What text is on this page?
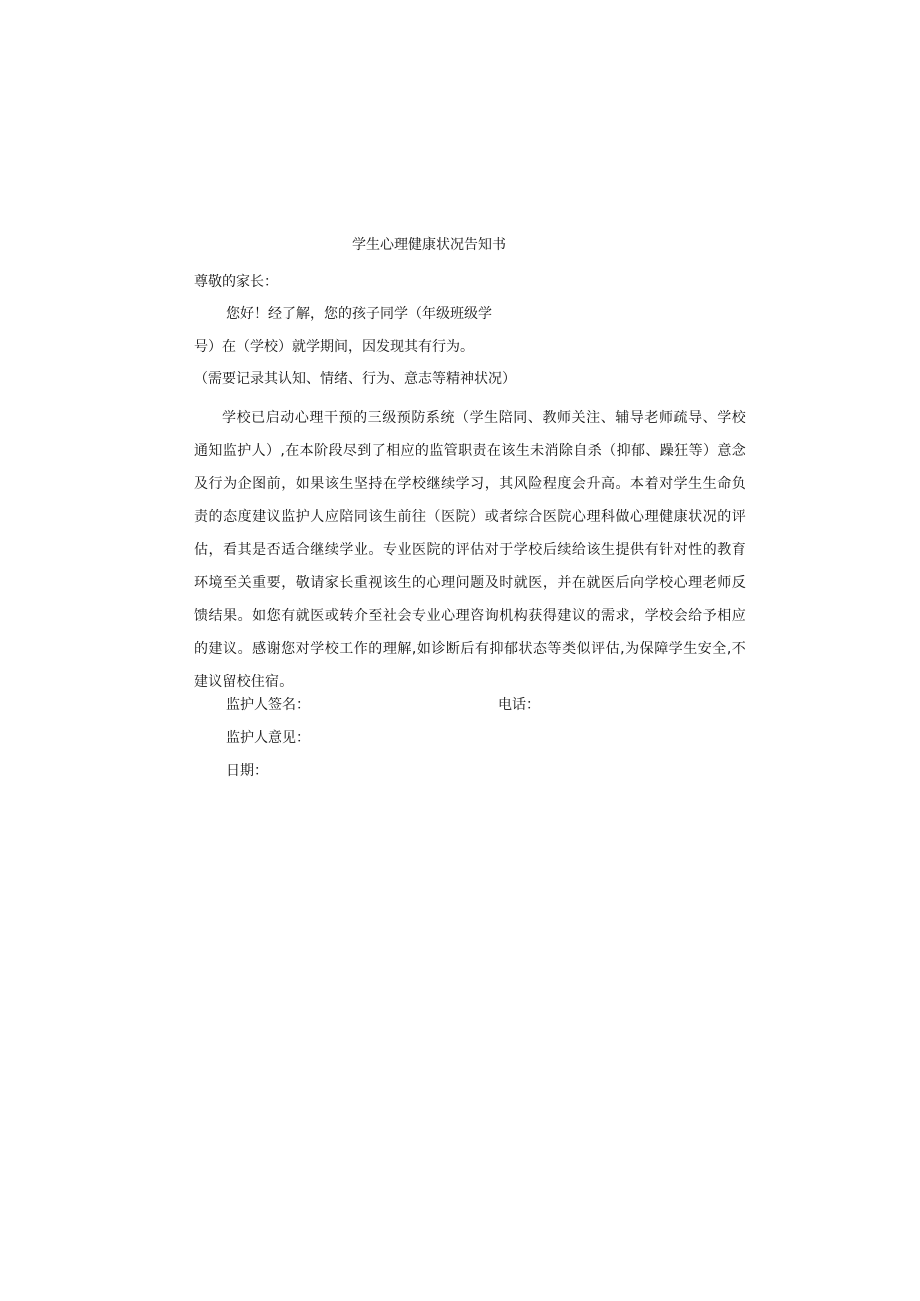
学生心理健康状况告知书
尊敬的家长：
您好！经了解，您的孩子同学（年级班级学
号）在（学校）就学期间，因发现其有行为。
（需要记录其认知、情绪、行为、意志等精神状况）
学校已启动心理干预的三级预防系统（学生陪同、教师关注、辅导老师疏导、学校通知监护人）,在本阶段尽到了相应的监管职责在该生未消除自杀（抑郁、躁狂等）意念及行为企图前，如果该生坚持在学校继续学习，其风险程度会升高。本着对学生生命负责的态度建议监护人应陪同该生前往（医院）或者综合医院心理科做心理健康状况的评估，看其是否适合继续学业。专业医院的评估对于学校后续给该生提供有针对性的教育环境至关重要，敬请家长重视该生的心理问题及时就医，并在就医后向学校心理老师反馈结果。如您有就医或转介至社会专业心理咨询机构获得建议的需求，学校会给予相应的建议。感谢您对学校工作的理解,如诊断后有抑郁状态等类似评估,为保障学生安全,不建议留校住宿。
监护人签名：	电话：
监护人意见：
日期：
